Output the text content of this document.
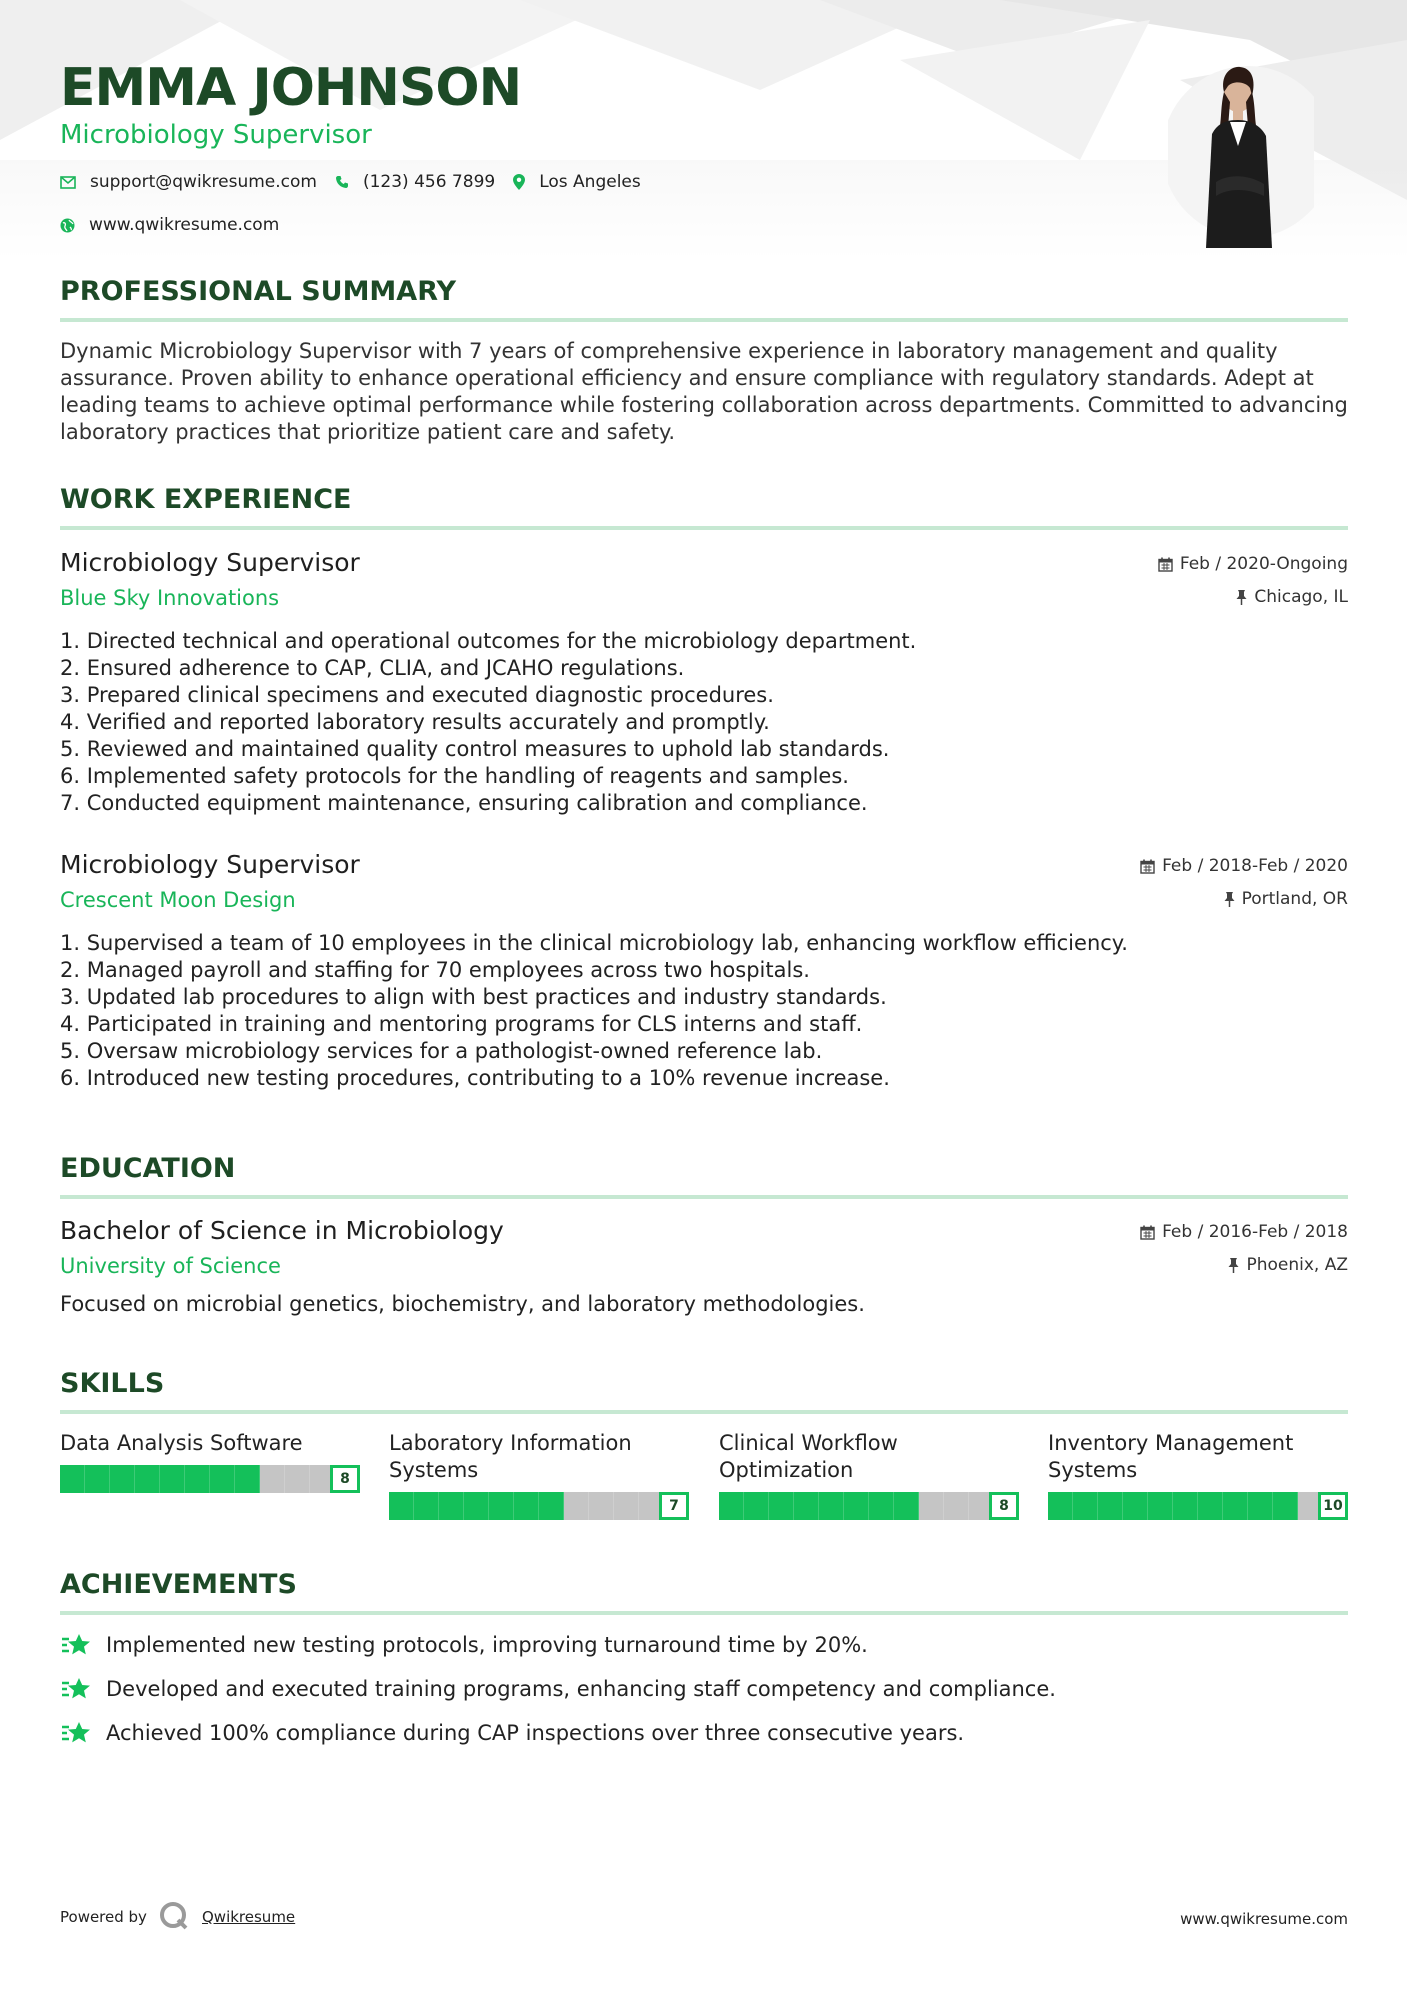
EMMA JOHNSON
Microbiology Supervisor
support@qwikresume.com	(123) 456 7899	Los Angeles
www.qwikresume.com
PROFESSIONAL SUMMARY
Dynamic Microbiology Supervisor with 7 years of comprehensive experience in laboratory management and quality assurance. Proven ability to enhance operational efficiency and ensure compliance with regulatory standards. Adept at leading teams to achieve optimal performance while fostering collaboration across departments. Committed to advancing laboratory practices that prioritize patient care and safety.
WORK EXPERIENCE
Microbiology Supervisor
Blue Sky Innovations
Feb / 2020-Ongoing
Chicago, IL
1. Directed technical and operational outcomes for the microbiology department.
2. Ensured adherence to CAP, CLIA, and JCAHO regulations.
3. Prepared clinical specimens and executed diagnostic procedures.
4. Verified and reported laboratory results accurately and promptly.
5. Reviewed and maintained quality control measures to uphold lab standards.
6. Implemented safety protocols for the handling of reagents and samples.
7. Conducted equipment maintenance, ensuring calibration and compliance.
Microbiology Supervisor
Crescent Moon Design
Feb / 2018-Feb / 2020
Portland, OR
1. Supervised a team of 10 employees in the clinical microbiology lab, enhancing workflow efficiency.
2. Managed payroll and staffing for 70 employees across two hospitals.
3. Updated lab procedures to align with best practices and industry standards.
4. Participated in training and mentoring programs for CLS interns and staff.
5. Oversaw microbiology services for a pathologist-owned reference lab.
6. Introduced new testing procedures, contributing to a 10% revenue increase.
EDUCATION
Bachelor of Science in Microbiology
University of Science
Feb / 2016-Feb / 2018
Phoenix, AZ
Focused on microbial genetics, biochemistry, and laboratory methodologies.
SKILLS
Data Analysis Software
8
Laboratory Information Systems
7
Clinical Workflow Optimization
8
Inventory Management Systems
10
ACHIEVEMENTS
Implemented new testing protocols, improving turnaround time by 20%.
Developed and executed training programs, enhancing staff competency and compliance.
Achieved 100% compliance during CAP inspections over three consecutive years.
Powered by	Qwikresume	www.qwikresume.com
